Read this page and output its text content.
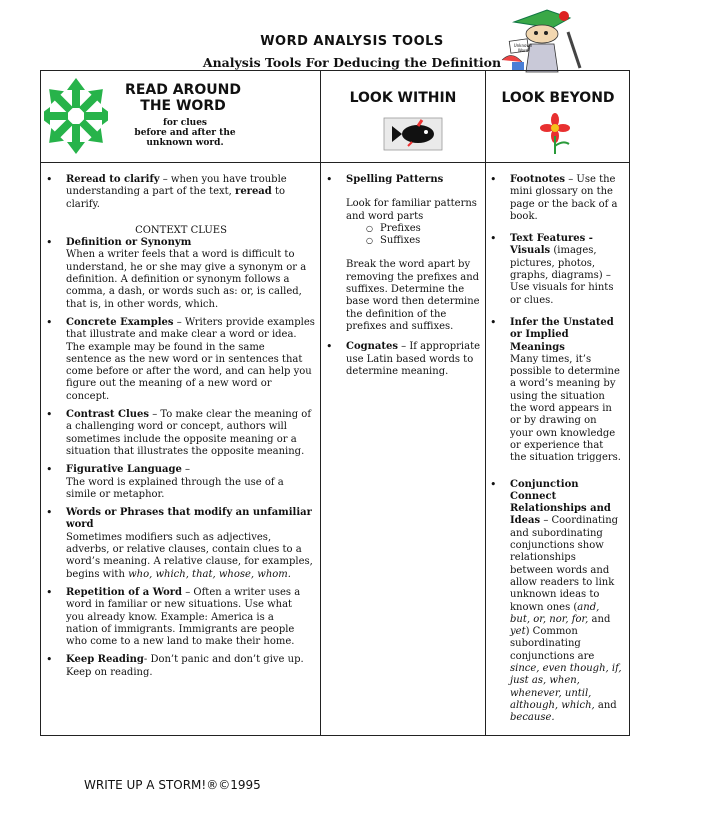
WORD ANALYSIS TOOLS
Analysis Tools For Deducing the Definition
Unknown Word
READ AROUND
THE WORD
for clues
before and after the
unknown word.
LOOK WITHIN	LOOK BEYOND

• Reread to clarify – when you have trouble

understanding a part of the text, reread to

clarify.

CONTEXT CLUES

• Definition or Synonym

When a writer feels that a word is difficult to

understand, he or she may give a synonym or a

definition. A definition or synonym follows a

comma, a dash, or words such as: or, is called,

that is, in other words, which.

• Concrete Examples – Writers provide examples

that illustrate and make clear a word or idea.

The example may be found in the same

sentence as the new word or in sentences that

come before or after the word, and can help you

figure out the meaning of a new word or

concept.

• Contrast Clues – To make clear the meaning of

a challenging word or concept, authors will

sometimes include the opposite meaning or a

situation that illustrates the opposite meaning.

• Figurative Language –

The word is explained through the use of a

simile or metaphor.

• Words or Phrases that modify an unfamiliar

word

Sometimes modifiers such as adjectives,

adverbs, or relative clauses, contain clues to a

word’s meaning. A relative clause, for examples,

begins with who, which, that, whose, whom.

• Repetition of a Word – Often a writer uses a

word in familiar or new situations. Use what

you already know. Example: America is a

nation of immigrants. Immigrants are people

who come to a new land to make their home.

• Keep Reading- Don’t panic and don’t give up.

Keep on reading.

• Spelling Patterns

Look for familiar patterns

and word parts

○ Prefixes

○ Suffixes

Break the word apart by

removing the prefixes and

suffixes. Determine the

base word then determine

the definition of the

prefixes and suffixes.

• Cognates – If appropriate

use Latin based words to

determine meaning.

• Footnotes – Use the

mini glossary on the

page or the back of a

book.

• Text Features -

Visuals (images,

pictures, photos,

graphs, diagrams) –

Use visuals for hints

or clues.

• Infer the Unstated

or Implied

Meanings

Many times, it’s

possible to determine

a word’s meaning by

using the situation

the word appears in

or by drawing on

your own knowledge

or experience that

the situation triggers.

• Conjunction

Connect

Relationships and

Ideas – Coordinating

and subordinating

conjunctions show

relationships

between words and

allow readers to link

unknown ideas to

known ones (and,

but, or, nor, for, and

yet) Common

subordinating

conjunctions are

since, even though, if,

just as, when,

whenever, until,

although, which, and

because.

WRITE UP A STORM!®©1995
